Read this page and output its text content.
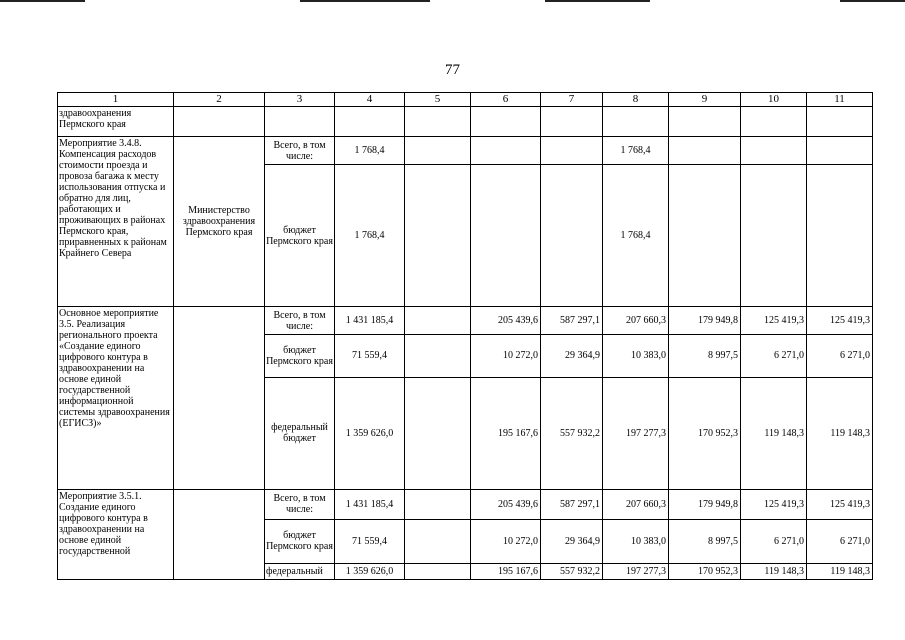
77
1	2	3	4	5	6	7	8	9	10	11
здравоохранения Пермского края										
Мероприятие 3.4.8. Компенсация расходов стоимости проезда и провоза багажа к месту использования отпуска и обратно для лиц, работающих и проживающих в районах Пермского края, приравненных к районам Крайнего Севера	Министерство здравоохранения Пермского края	Всего, в том числе:	1 768,4				1 768,4			
		бюджет Пермского края	1 768,4				1 768,4			
Основное мероприятие 3.5. Реализация регионального проекта «Создание единого цифрового контура в здравоохранении на основе единой государственной информационной системы здравоохранения (ЕГИСЗ)»		Всего, в том числе:	1 431 185,4		205 439,6	587 297,1	207 660,3	179 949,8	125 419,3	125 419,3
		бюджет Пермского края	71 559,4		10 272,0	29 364,9	10 383,0	8 997,5	6 271,0	6 271,0
		федеральный бюджет	1 359 626,0		195 167,6	557 932,2	197 277,3	170 952,3	119 148,3	119 148,3
Мероприятие 3.5.1. Создание единого цифрового контура в здравоохранении на основе единой государственной		Всего, в том числе:	1 431 185,4		205 439,6	587 297,1	207 660,3	179 949,8	125 419,3	125 419,3
		бюджет Пермского края	71 559,4		10 272,0	29 364,9	10 383,0	8 997,5	6 271,0	6 271,0
		федеральный	1 359 626,0		195 167,6	557 932,2	197 277,3	170 952,3	119 148,3	119 148,3
